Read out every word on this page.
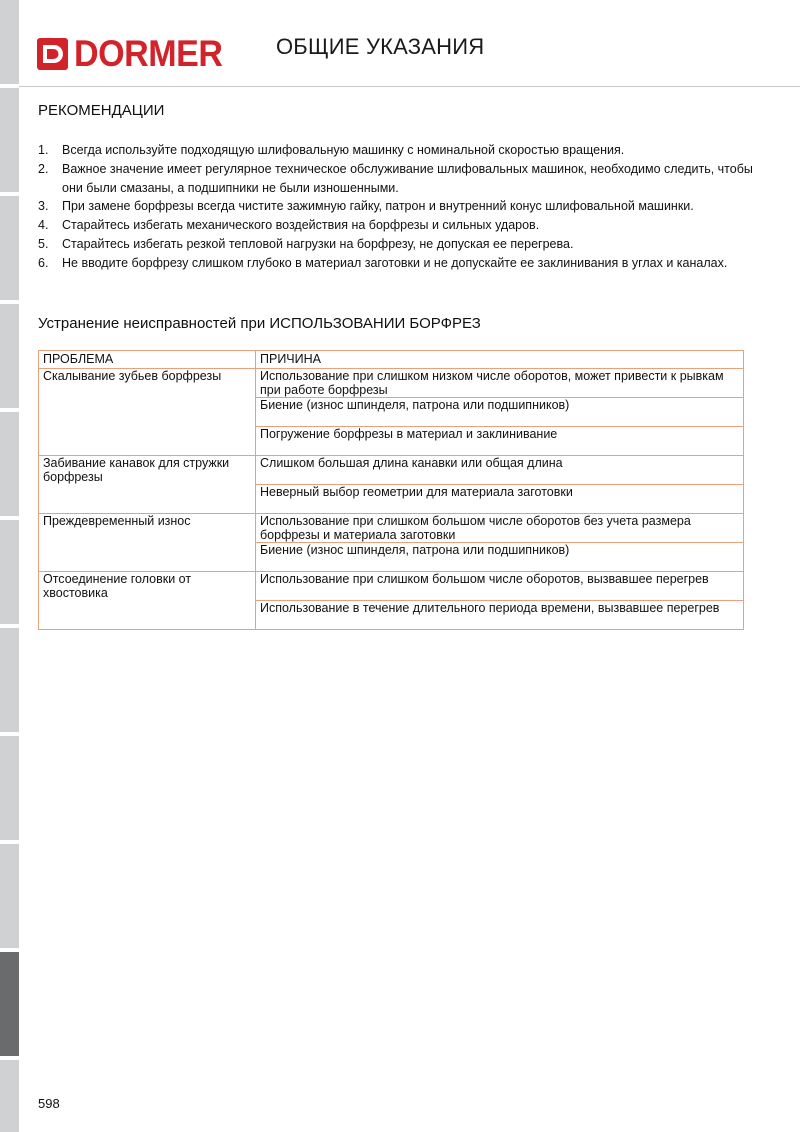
DORMER ОБЩИЕ УКАЗАНИЯ
РЕКОМЕНДАЦИИ
1. Всегда используйте подходящую шлифовальную машинку с номинальной скоростью вращения.
2. Важное значение имеет регулярное техническое обслуживание шлифовальных машинок, необходимо следить, чтобы они были смазаны, а подшипники не были изношенными.
3. При замене борфрезы всегда чистите зажимную гайку, патрон и внутренний конус шлифовальной машинки.
4. Старайтесь избегать механического воздействия на борфрезы и сильных ударов.
5. Старайтесь избегать резкой тепловой нагрузки на борфрезу, не допуская ее перегрева.
6. Не вводите борфрезу слишком глубоко в материал заготовки и не допускайте ее заклинивания в углах и каналах.
Устранение неисправностей при ИСПОЛЬЗОВАНИИ БОРФРЕЗ
ПРОБЛЕМА	ПРИЧИНА
Скалывание зубьев борфрезы	Использование при слишком низком числе оборотов, может привести к рывкам при работе борфрезы
	Биение (износ шпинделя, патрона или подшипников)
	Погружение борфрезы в материал и заклинивание
Забивание канавок для стружки борфрезы	Слишком большая длина канавки или общая длина
	Неверный выбор геометрии для материала заготовки
Преждевременный износ	Использование при слишком большом числе оборотов без учета размера борфрезы и материала заготовки
	Биение (износ шпинделя, патрона или подшипников)
Отсоединение головки от хвостовика	Использование при слишком большом числе оборотов, вызвавшее перегрев
	Использование в течение длительного периода времени, вызвавшее перегрев
598
